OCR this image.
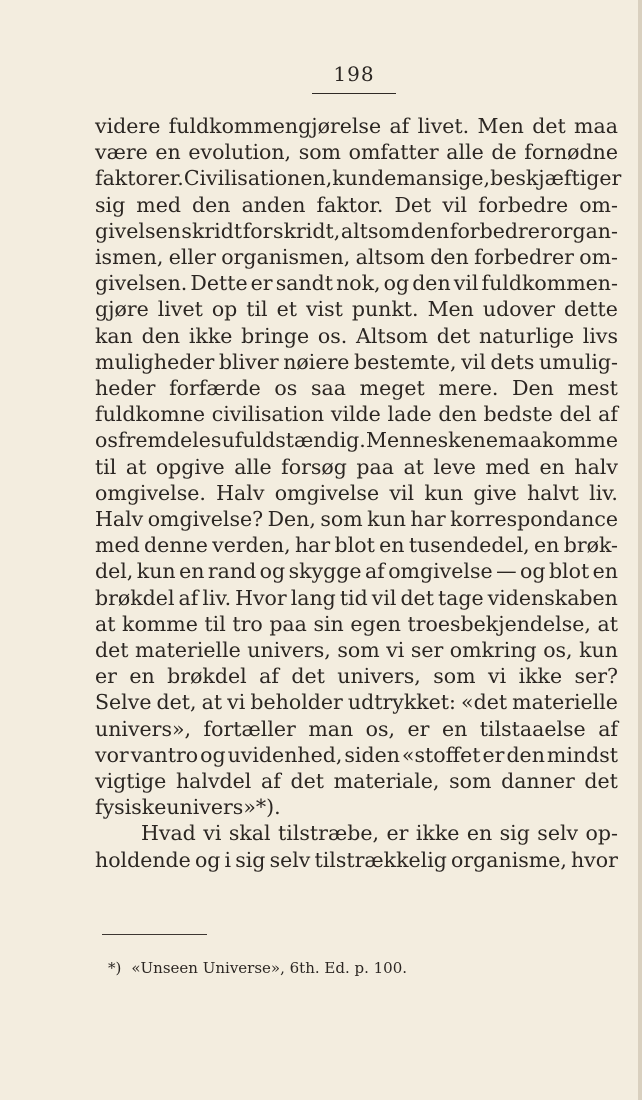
198
videre fuldkommengjørelse af livet. Men det maa
være en evolution, som omfatter alle de fornødne
faktorer. Civilisationen, kunde man sige, beskjæftiger
sig med den anden faktor. Det vil forbedre om-
givelsen skridt for skridt, altsom den forbedrer organ-
ismen, eller organismen, altsom den forbedrer om-
givelsen. Dette er sandt nok, og den vil fuldkommen-
gjøre livet op til et vist punkt. Men udover dette
kan den ikke bringe os. Altsom det naturlige livs
muligheder bliver nøiere bestemte, vil dets umulig-
heder forfærde os saa meget mere. Den mest
fuldkomne civilisation vilde lade den bedste del af
os fremdeles ufuldstændig. Menneskene maa komme
til at opgive alle forsøg paa at leve med en halv
omgivelse. Halv omgivelse vil kun give halvt liv.
Halv omgivelse? Den, som kun har korrespondance
med denne verden, har blot en tusendedel, en brøk-
del, kun en rand og skygge af omgivelse — og blot en
brøkdel af liv. Hvor lang tid vil det tage videnskaben
at komme til tro paa sin egen troesbekjendelse, at
det materielle univers, som vi ser omkring os, kun
er en brøkdel af det univers, som vi ikke ser?
Selve det, at vi beholder udtrykket: «det materielle
univers», fortæller man os, er en tilstaaelse af
vor vantro og uvidenhed, siden «stoffet er den mindst
vigtige halvdel af det materiale, som danner det
fysiske univers»*).
Hvad vi skal tilstræbe, er ikke en sig selv op-
holdende og i sig selv tilstrækkelig organisme, hvor
*) «Unseen Universe», 6th. Ed. p. 100.
